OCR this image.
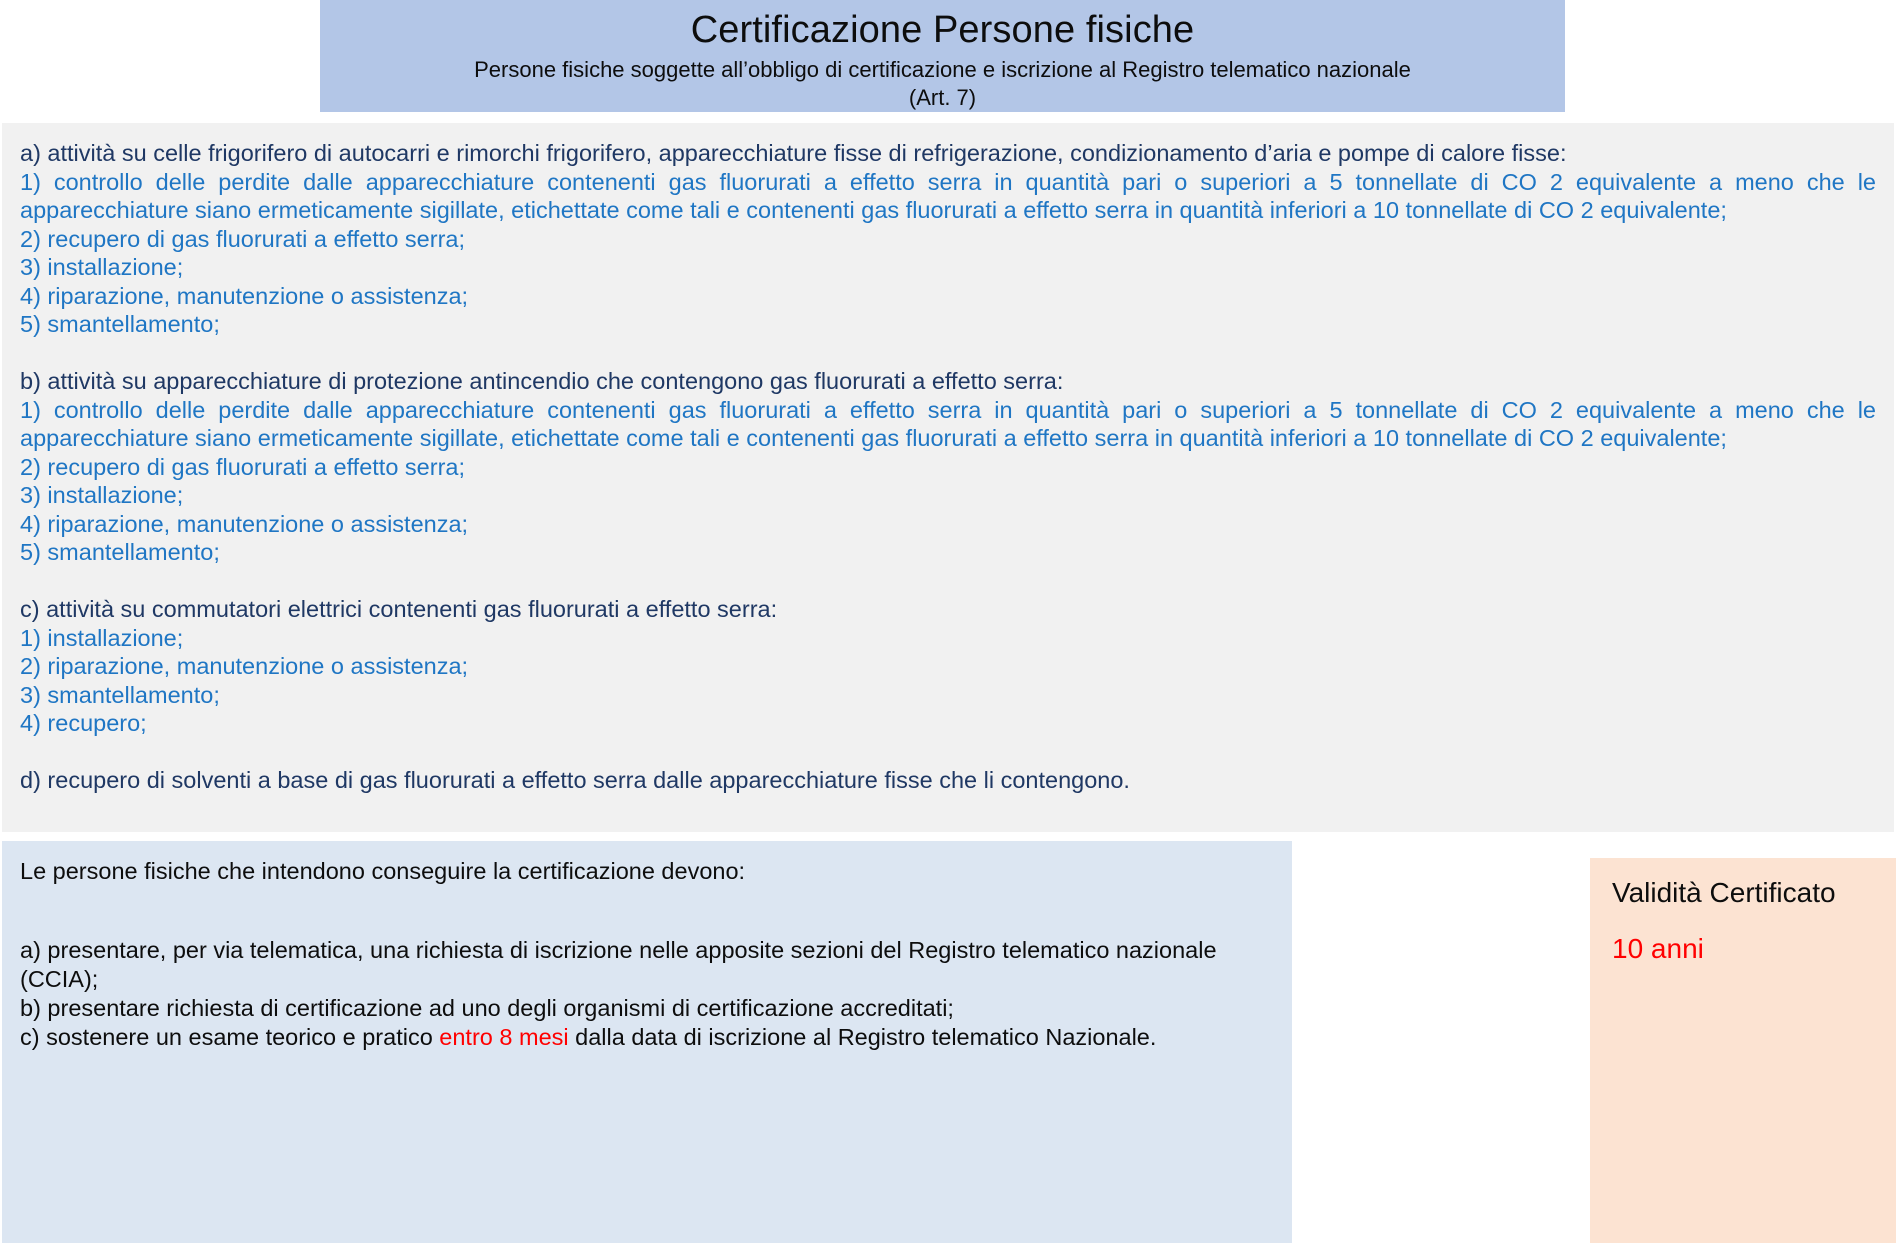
Certificazione Persone fisiche
Persone fisiche soggette all’obbligo di certificazione e iscrizione al Registro telematico nazionale
(Art. 7)
a) attività su celle frigorifero di autocarri e rimorchi frigorifero, apparecchiature fisse di refrigerazione, condizionamento d’aria e pompe di calore fisse:
1) controllo delle perdite dalle apparecchiature contenenti gas fluorurati a effetto serra in quantità pari o superiori a 5 tonnellate di CO 2 equivalente a meno che le apparecchiature siano ermeticamente sigillate, etichettate come tali e contenenti gas fluorurati a effetto serra in quantità inferiori a 10 tonnellate di CO 2 equivalente;
2) recupero di gas fluorurati a effetto serra;
3) installazione;
4) riparazione, manutenzione o assistenza;
5) smantellamento;
b) attività su apparecchiature di protezione antincendio che contengono gas fluorurati a effetto serra:
1) controllo delle perdite dalle apparecchiature contenenti gas fluorurati a effetto serra in quantità pari o superiori a 5 tonnellate di CO 2 equivalente a meno che le apparecchiature siano ermeticamente sigillate, etichettate come tali e contenenti gas fluorurati a effetto serra in quantità inferiori a 10 tonnellate di CO 2 equivalente;
2) recupero di gas fluorurati a effetto serra;
3) installazione;
4) riparazione, manutenzione o assistenza;
5) smantellamento;
c) attività su commutatori elettrici contenenti gas fluorurati a effetto serra:
1) installazione;
2) riparazione, manutenzione o assistenza;
3) smantellamento;
4) recupero;
d) recupero di solventi a base di gas fluorurati a effetto serra dalle apparecchiature fisse che li contengono.
Le persone fisiche che intendono conseguire la certificazione devono:
a) presentare, per via telematica, una richiesta di iscrizione nelle apposite sezioni del Registro telematico nazionale (CCIA);
b) presentare richiesta di certificazione ad uno degli organismi di certificazione accreditati;
c) sostenere un esame teorico e pratico entro 8 mesi dalla data di iscrizione al Registro telematico Nazionale.
Validità Certificato
10 anni
